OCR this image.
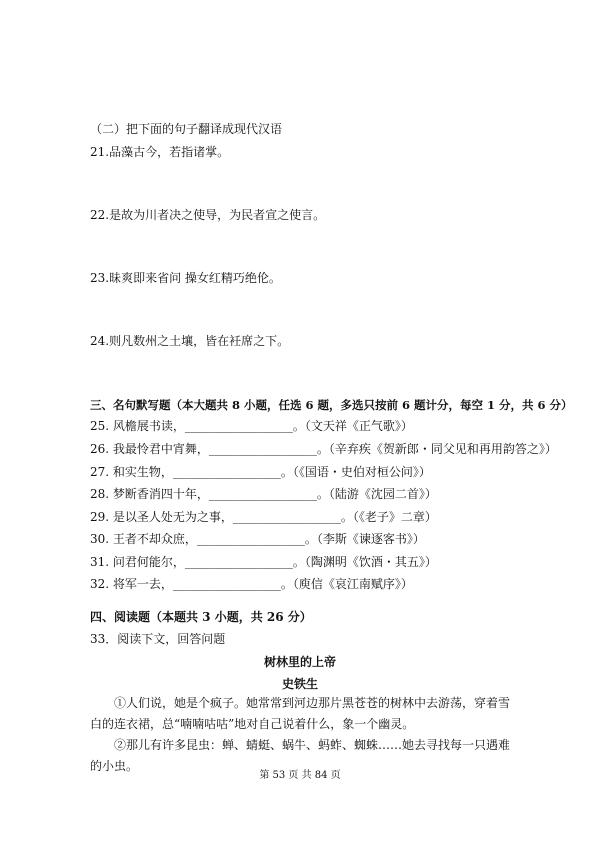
（二）把下面的句子翻译成现代汉语
21.品藻古今，若指诸掌。
22.是故为川者决之使导，为民者宣之使言。
23.昧爽即来省问 操女红精巧绝伦。
24.则凡数州之土壤，皆在衽席之下。
三、名句默写题（本大题共 8 小题，任选 6 题，多选只按前 6 题计分，每空 1 分，共 6 分）
25. 风檐展书读，__________________。（文天祥《正气歌》）
26. 我最怜君中宵舞，__________________。（辛弃疾《贺新郎・同父见和再用韵答之》）
27. 和实生物，__________________。（《国语・史伯对桓公问》）
28. 梦断香消四十年，__________________。（陆游《沈园二首》）
29. 是以圣人处无为之事，__________________。（《老子》二章）
30. 王者不却众庶，__________________。（李斯《谏逐客书》）
31. 问君何能尔，__________________。（陶渊明《饮酒・其五》）
32. 将军一去，__________________。（庾信《哀江南赋序》）
四、阅读题（本题共 3 小题，共 26 分）
33．阅读下文，回答问题
树林里的上帝
史铁生
①人们说，她是个疯子。她常常到河边那片黑苍苍的树林中去游荡，穿着雪白的连衣裙，总“喃喃咕咕”地对自己说着什么，象一个幽灵。
②那儿有许多昆虫：蝉、蜻蜓、蜗牛、蚂蚱、蜘蛛……她去寻找每一只遇难的小虫。
第 53 页 共 84 页
